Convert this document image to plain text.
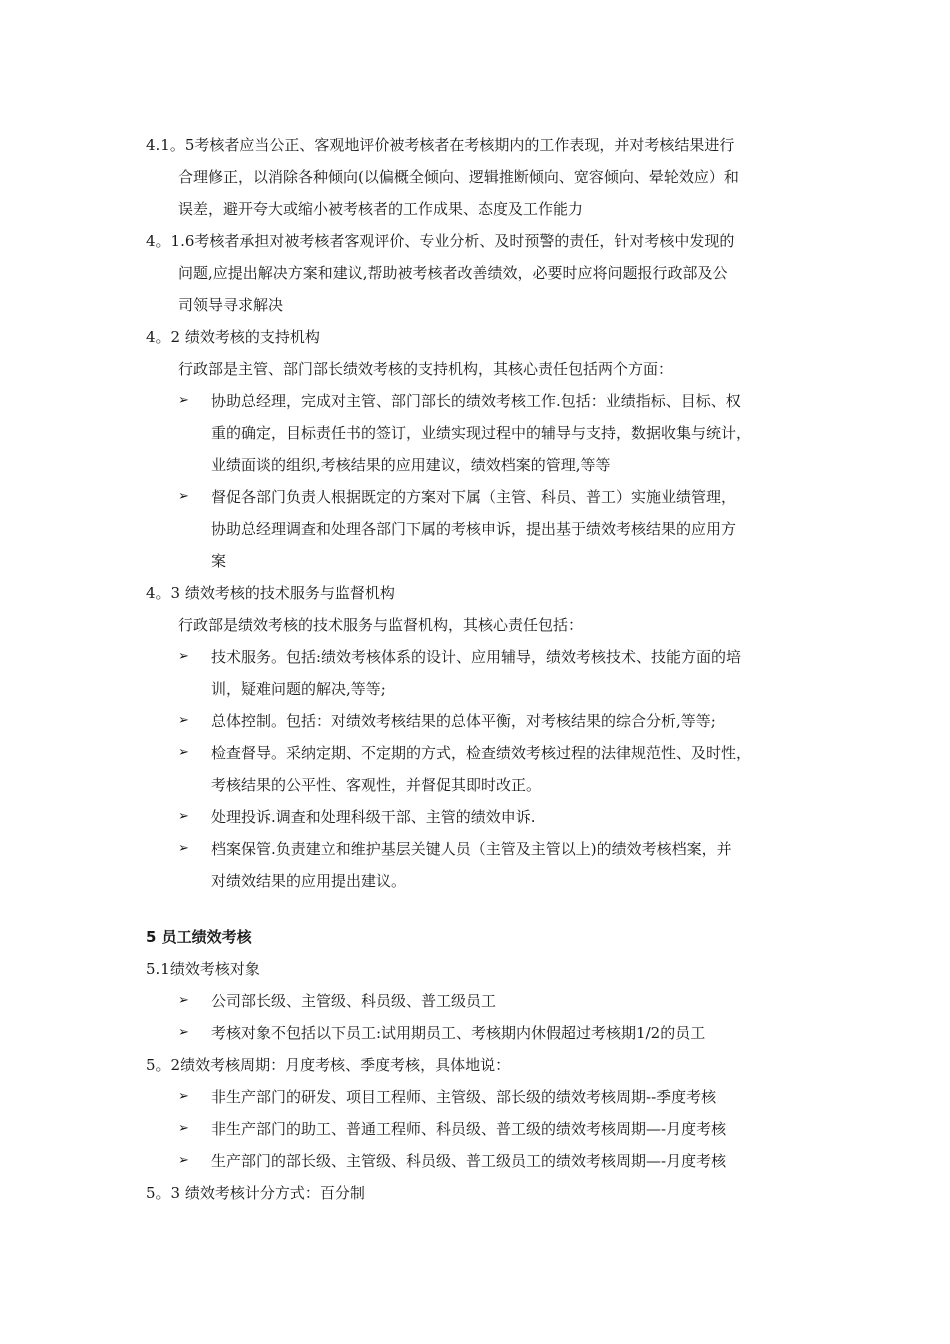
4.1。5考核者应当公正、客观地评价被考核者在考核期内的工作表现，并对考核结果进行
合理修正，以消除各种倾向(以偏概全倾向、逻辑推断倾向、宽容倾向、晕轮效应）和
误差，避开夸大或缩小被考核者的工作成果、态度及工作能力
4。1.6考核者承担对被考核者客观评价、专业分析、及时预警的责任，针对考核中发现的
问题,应提出解决方案和建议,帮助被考核者改善绩效，必要时应将问题报行政部及公
司领导寻求解决
4。2 绩效考核的支持机构
行政部是主管、部门部长绩效考核的支持机构，其核心责任包括两个方面：
➢ 协助总经理，完成对主管、部门部长的绩效考核工作.包括：业绩指标、目标、权
重的确定，目标责任书的签订，业绩实现过程中的辅导与支持，数据收集与统计，
业绩面谈的组织,考核结果的应用建议，绩效档案的管理,等等
➢ 督促各部门负责人根据既定的方案对下属（主管、科员、普工）实施业绩管理，
协助总经理调查和处理各部门下属的考核申诉，提出基于绩效考核结果的应用方
案
4。3 绩效考核的技术服务与监督机构
行政部是绩效考核的技术服务与监督机构，其核心责任包括：
➢ 技术服务。包括:绩效考核体系的设计、应用辅导，绩效考核技术、技能方面的培
训，疑难问题的解决,等等;
➢ 总体控制。包括：对绩效考核结果的总体平衡，对考核结果的综合分析,等等;
➢ 检查督导。采纳定期、不定期的方式，检查绩效考核过程的法律规范性、及时性，
考核结果的公平性、客观性，并督促其即时改正。
➢ 处理投诉.调查和处理科级干部、主管的绩效申诉.
➢ 档案保管.负责建立和维护基层关键人员（主管及主管以上)的绩效考核档案，并
对绩效结果的应用提出建议。
5 员工绩效考核
5.1绩效考核对象
➢ 公司部长级、主管级、科员级、普工级员工
➢ 考核对象不包括以下员工:试用期员工、考核期内休假超过考核期1/2的员工
5。2绩效考核周期：月度考核、季度考核，具体地说：
➢ 非生产部门的研发、项目工程师、主管级、部长级的绩效考核周期--季度考核
➢ 非生产部门的助工、普通工程师、科员级、普工级的绩效考核周期—-月度考核
➢ 生产部门的部长级、主管级、科员级、普工级员工的绩效考核周期—-月度考核
5。3 绩效考核计分方式：百分制
